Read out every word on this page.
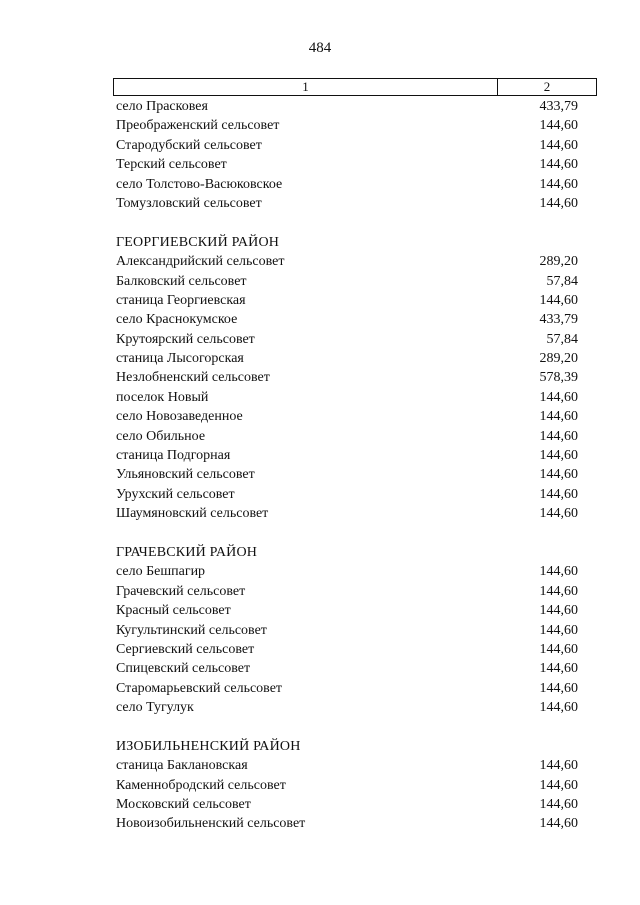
484
1	2
село Прасковея	433,79
Преображенский сельсовет	144,60
Стародубский сельсовет	144,60
Терский сельсовет	144,60
село Толстово-Васюковское	144,60
Томузловский сельсовет	144,60
ГЕОРГИЕВСКИЙ РАЙОН
Александрийский сельсовет	289,20
Балковский сельсовет	57,84
станица Георгиевская	144,60
село Краснокумское	433,79
Крутоярский сельсовет	57,84
станица Лысогорская	289,20
Незлобненский сельсовет	578,39
поселок Новый	144,60
село Новозаведенное	144,60
село Обильное	144,60
станица Подгорная	144,60
Ульяновский сельсовет	144,60
Урухский сельсовет	144,60
Шаумяновский сельсовет	144,60
ГРАЧЕВСКИЙ РАЙОН
село Бешпагир	144,60
Грачевский сельсовет	144,60
Красный сельсовет	144,60
Кугультинский сельсовет	144,60
Сергиевский сельсовет	144,60
Спицевский сельсовет	144,60
Старомарьевский сельсовет	144,60
село Тугулук	144,60
ИЗОБИЛЬНЕНСКИЙ РАЙОН
станица Баклановская	144,60
Каменнобродский сельсовет	144,60
Московский сельсовет	144,60
Новоизобильненский сельсовет	144,60
